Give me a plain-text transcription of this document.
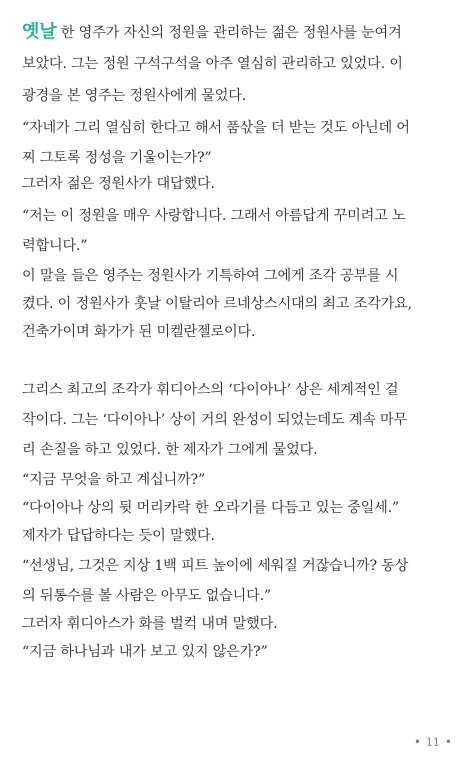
옛날 한 영주가 자신의 정원을 관리하는 젊은 정원사를 눈여겨
보았다. 그는 정원 구석구석을 아주 열심히 관리하고 있었다. 이
광경을 본 영주는 정원사에게 물었다.
“자네가 그리 열심히 한다고 해서 품삯을 더 받는 것도 아닌데 어
찌 그토록 정성을 기울이는가?”
그러자 젊은 정원사가 대답했다.
“저는 이 정원을 매우 사랑합니다. 그래서 아름답게 꾸미려고 노
력합니다.”
이 말을 들은 영주는 정원사가 기특하여 그에게 조각 공부를 시
켰다. 이 정원사가 훗날 이탈리아 르네상스시대의 최고 조각가요,
건축가이며 화가가 된 미켈란젤로이다.
그리스 최고의 조각가 휘디아스의 ‘다이아나’ 상은 세계적인 걸
작이다. 그는 ‘다이아나’ 상이 거의 완성이 되었는데도 계속 마무
리 손질을 하고 있었다. 한 제자가 그에게 물었다.
“지금 무엇을 하고 계십니까?”
“다이아나 상의 뒷 머리카락 한 오라기를 다듬고 있는 중일세.”
제자가 답답하다는 듯이 말했다.
“선생님, 그것은 지상 1백 피트 높이에 세워질 거잖습니까? 동상
의 뒤통수를 볼 사람은 아무도 없습니다.”
그러자 휘디아스가 화를 벌컥 내며 말했다.
“지금 하나님과 내가 보고 있지 않은가?”
• 11 •
